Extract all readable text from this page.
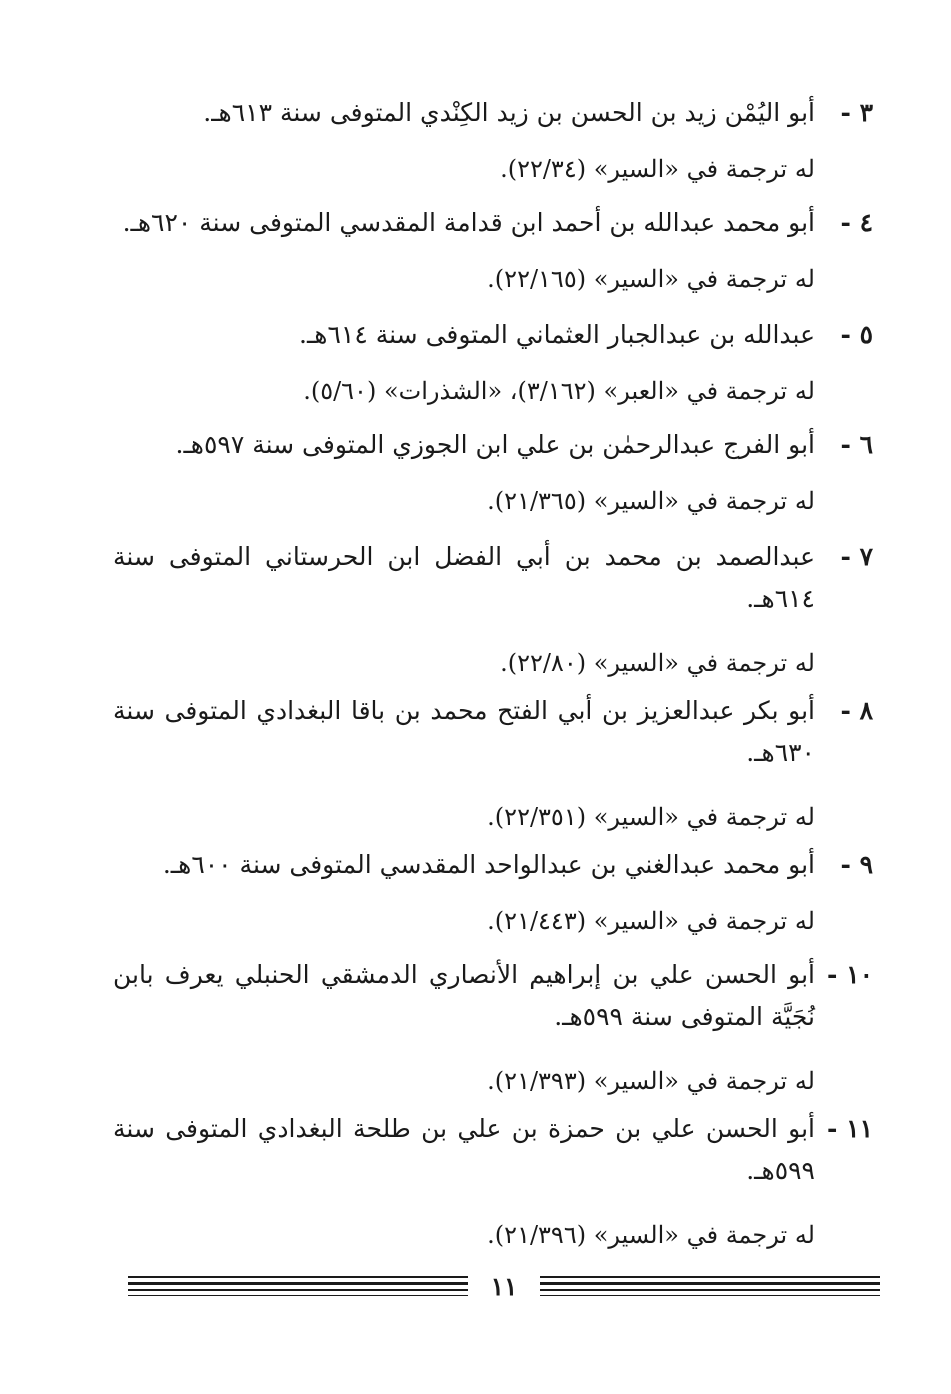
٣ -
أبو اليُمْن زيد بن الحسن بن زيد الكِنْدي المتوفى سنة ٦١٣هـ.
له ترجمة في «السير» (٢٢/٣٤).
٤ -
أبو محمد عبدالله بن أحمد ابن قدامة المقدسي المتوفى سنة ٦٢٠هـ.
له ترجمة في «السير» (٢٢/١٦٥).
٥ -
عبدالله بن عبدالجبار العثماني المتوفى سنة ٦١٤هـ.
له ترجمة في «العبر» (٣/١٦٢)، «الشذرات» (٥/٦٠).
٦ -
أبو الفرج عبدالرحمٰن بن علي ابن الجوزي المتوفى سنة ٥٩٧هـ.
له ترجمة في «السير» (٢١/٣٦٥).
٧ -
عبدالصمد بن محمد بن أبي الفضل ابن الحرستاني المتوفى سنة ٦١٤هـ.
له ترجمة في «السير» (٢٢/٨٠).
٨ -
أبو بكر عبدالعزيز بن أبي الفتح محمد بن باقا البغدادي المتوفى سنة ٦٣٠هـ.
له ترجمة في «السير» (٢٢/٣٥١).
٩ -
أبو محمد عبدالغني بن عبدالواحد المقدسي المتوفى سنة ٦٠٠هـ.
له ترجمة في «السير» (٢١/٤٤٣).
١٠ -
أبو الحسن علي بن إبراهيم الأنصاري الدمشقي الحنبلي يعرف بابن نُجَيَّة المتوفى سنة ٥٩٩هـ.
له ترجمة في «السير» (٢١/٣٩٣).
١١ -
أبو الحسن علي بن حمزة بن علي بن طلحة البغدادي المتوفى سنة ٥٩٩هـ.
له ترجمة في «السير» (٢١/٣٩٦).
١١
